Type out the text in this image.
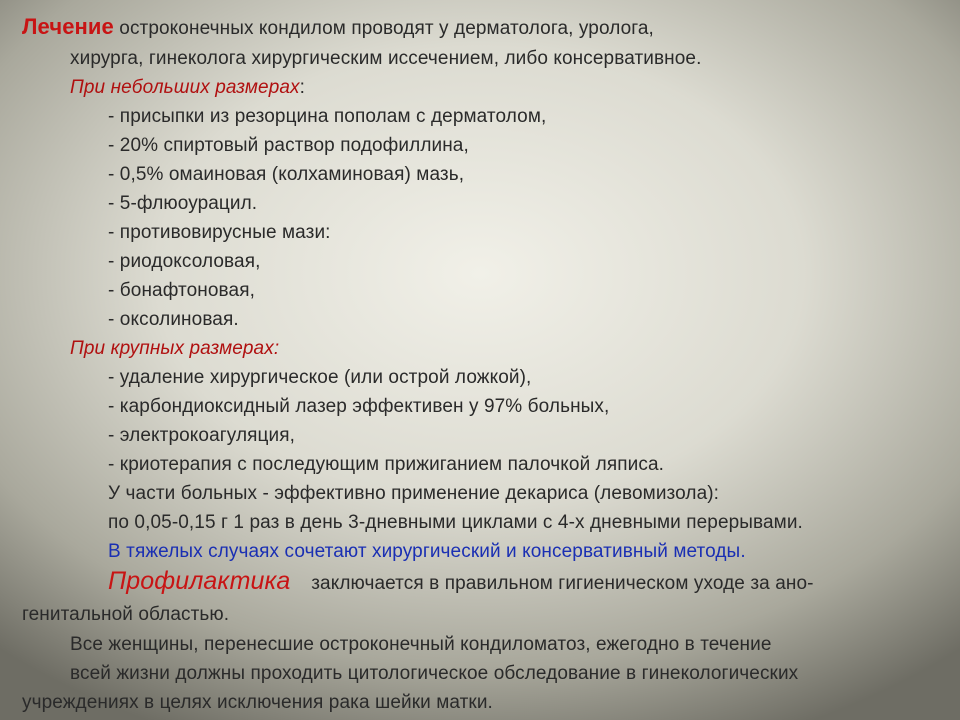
Лечение остроконечных кондилом проводят у дерматолога, уролога,
хирурга, гинеколога хирургическим иссечением, либо консервативное.
При небольших размерах:
- присыпки из резорцина пополам с дерматолом,
- 20% спиртовый раствор подофиллина,
- 0,5% омаиновая (колхаминовая) мазь,
- 5-флюоурацил.
- противовирусные мази:
- риодоксоловая,
- бонафтоновая,
- оксолиновая.
При крупных размерах:
- удаление хирургическое (или острой ложкой),
- карбондиоксидный лазер эффективен у 97% больных,
- электрокоагуляция,
- криотерапия с последующим прижиганием палочкой ляписа.
У части больных - эффективно применение декариса (левомизола):
по 0,05-0,15 г 1 раз в день 3-дневными циклами с 4-х дневными перерывами.
В тяжелых случаях сочетают хирургический и консервативный методы.
Профилактика заключается в правильном гигиеническом уходе за ано-
генитальной областью.
Все женщины, перенесшие остроконечный кондиломатоз, ежегодно в течение
всей жизни должны проходить цитологическое обследование в гинекологических
учреждениях в целях исключения рака шейки матки.
